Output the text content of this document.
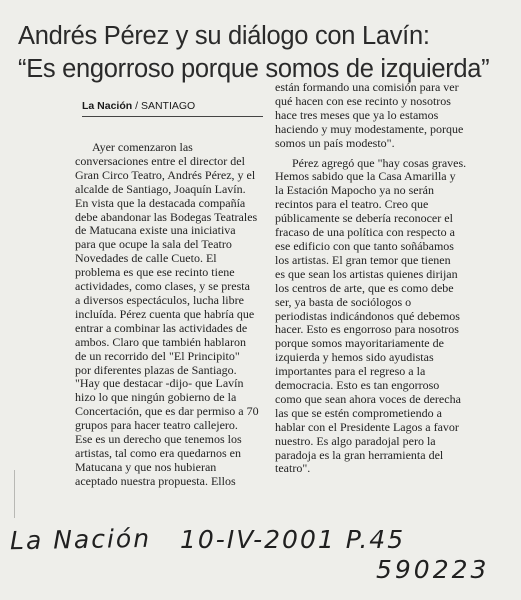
Andrés Pérez y su diálogo con Lavín:
“Es engorroso porque somos de izquierda”
La Nación / SANTIAGO
Ayer comenzaron las
conversaciones entre el director del
Gran Circo Teatro, Andrés Pérez, y el
alcalde de Santiago, Joaquín Lavín.
En vista que la destacada compañía
debe abandonar las Bodegas Teatrales
de Matucana existe una iniciativa
para que ocupe la sala del Teatro
Novedades de calle Cueto. El
problema es que ese recinto tiene
actividades, como clases, y se presta
a diversos espectáculos, lucha libre
incluída. Pérez cuenta que habría que
entrar a combinar las actividades de
ambos. Claro que también hablaron
de un recorrido del "El Principito"
por diferentes plazas de Santiago.
"Hay que destacar -dijo- que Lavín
hizo lo que ningún gobierno de la
Concertación, que es dar permiso a 70
grupos para hacer teatro callejero.
Ese es un derecho que tenemos los
artistas, tal como era quedarnos en
Matucana y que nos hubieran
aceptado nuestra propuesta. Ellos
están formando una comisión para ver
qué hacen con ese recinto y nosotros
hace tres meses que ya lo estamos
haciendo y muy modestamente, porque
somos un país modesto".
Pérez agregó que "hay cosas graves.
Hemos sabido que la Casa Amarilla y
la Estación Mapocho ya no serán
recintos para el teatro. Creo que
públicamente se debería reconocer el
fracaso de una política con respecto a
ese edificio con que tanto soñábamos
los artistas. El gran temor que tienen
es que sean los artistas quienes dirijan
los centros de arte, que es como debe
ser, ya basta de sociólogos o
periodistas indicándonos qué debemos
hacer. Esto es engorroso para nosotros
porque somos mayoritariamente de
izquierda y hemos sido ayudistas
importantes para el regreso a la
democracia. Esto es tan engorroso
como que sean ahora voces de derecha
las que se estén comprometiendo a
hablar con el Presidente Lagos a favor
nuestro. Es algo paradojal pero la
paradoja es la gran herramienta del
teatro".
La Nación 10-IV-2001 P.45
590223
